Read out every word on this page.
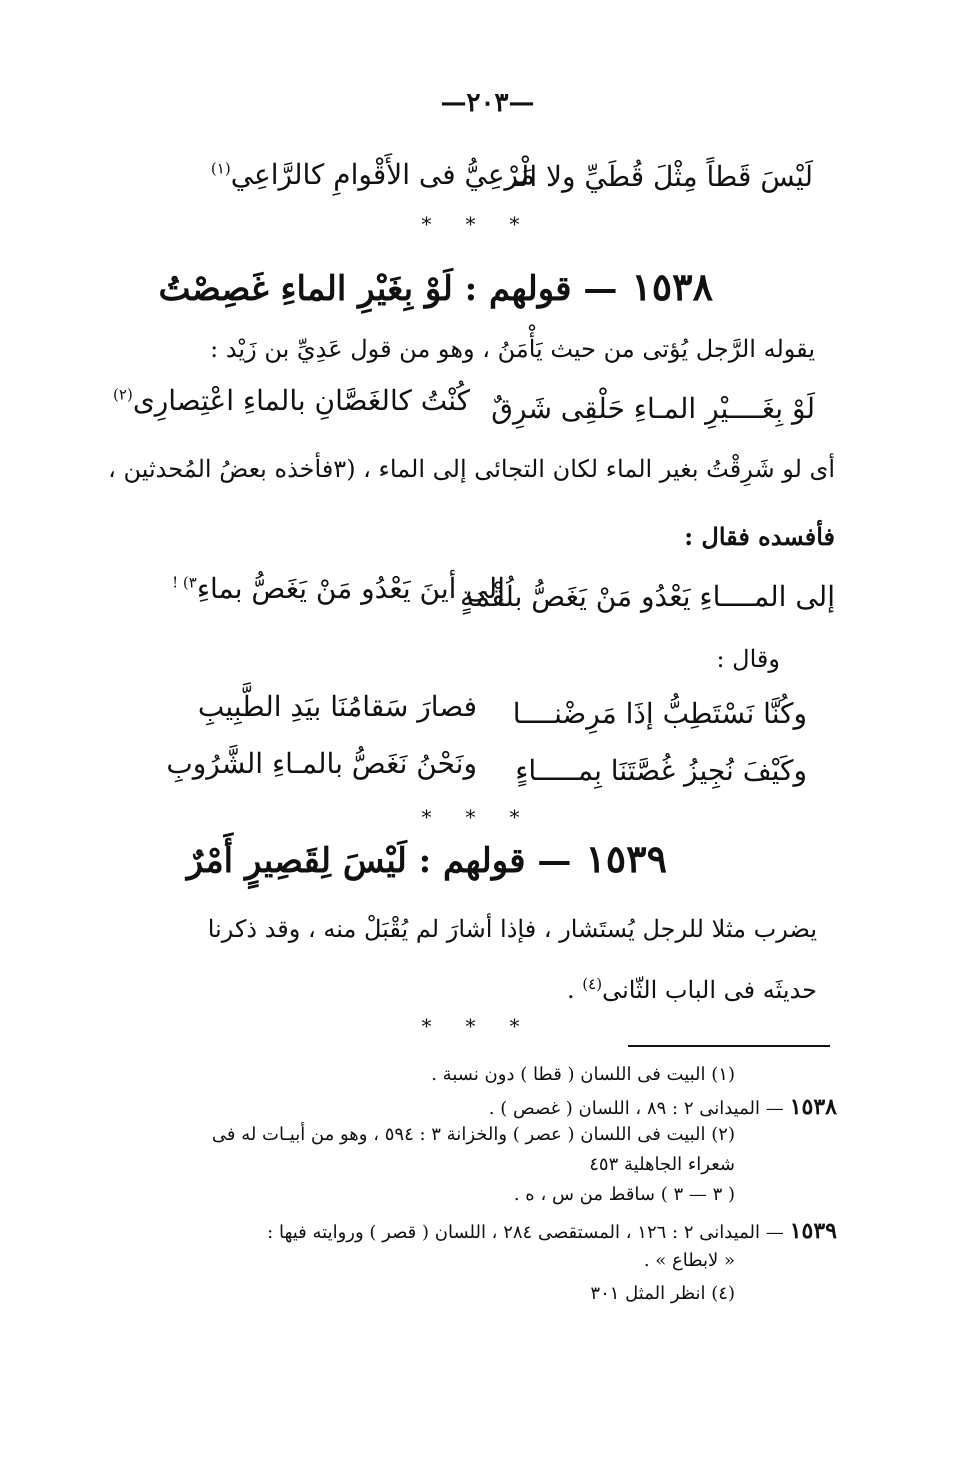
—٢٠٣—
لَيْسَ قَطاً مِثْلَ قُطَيِّ ولا الْـ
مَرْعِيُّ فى الأَقْوامِ كالرَّاعِي$^{(١)}$
***
١٥٣٨— قولهم : لَوْ بِغَيْرِ الماءِ غَصِصْتُ
يقوله الرَّجل يُؤتى من حيث يَأْمَنُ ، وهو من قول عَدِيِّ بن زَيْد :
لَوْ بِغَــــيْرِ المـاءِ حَلْقِى شَرِقٌ
كُنْتُ كالغَصَّانِ بالماءِ اعْتِصارِى$^{(٢)}$
أى لو شَرِقْتُ بغير الماء لكان التجائى إلى الماء ، (٣فأخذه بعضُ المُحدثين ،
فأفسده فقال :
إلى المــــاءِ يَعْدُو مَنْ يَغَصُّ بلُقْمَةٍ
إلى أينَ يَعْدُو مَنْ يَغَصُّ بماءِ$^{٣) !}$
وقال :
وكُنَّا نَسْتَطِبُّ إذَا مَرِضْنــــا
فصارَ سَقامُنَا بيَدِ الطَّبِيبِ
وكَيْفَ نُجِيزُ غُصَّتَنَا بِمـــــاءٍ
ونَحْنُ نَغَصُّ بالمـاءِ الشَّرُوبِ
***
١٥٣٩— قولهم : لَيْسَ لِقَصِيرٍ أَمْرٌ
يضرب مثلا للرجل يُستَشار ، فإذا أشارَ لم يُقْبَلْ منه ، وقد ذكرنا
حديثَه فى الباب الثّانى$^{(٤)}$ .
***
(١) البيت فى اللسان ( قطا ) دون نسبة .
١٥٣٨— الميدانى ٢ : ٨٩ ، اللسان ( غصص ) .
(٢) البيت فى اللسان ( عصر ) والخزانة ٣ : ٥٩٤ ، وهو من أبيـات له فى
شعراء الجاهلية ٤٥٣
( ٣ — ٣ ) ساقط من س ، ه .
١٥٣٩— الميدانى ٢ : ١٢٦ ، المستقصى ٢٨٤ ، اللسان ( قصر ) وروايته فيها :
« لابطاع » .
(٤) انظر المثل ٣٠١
